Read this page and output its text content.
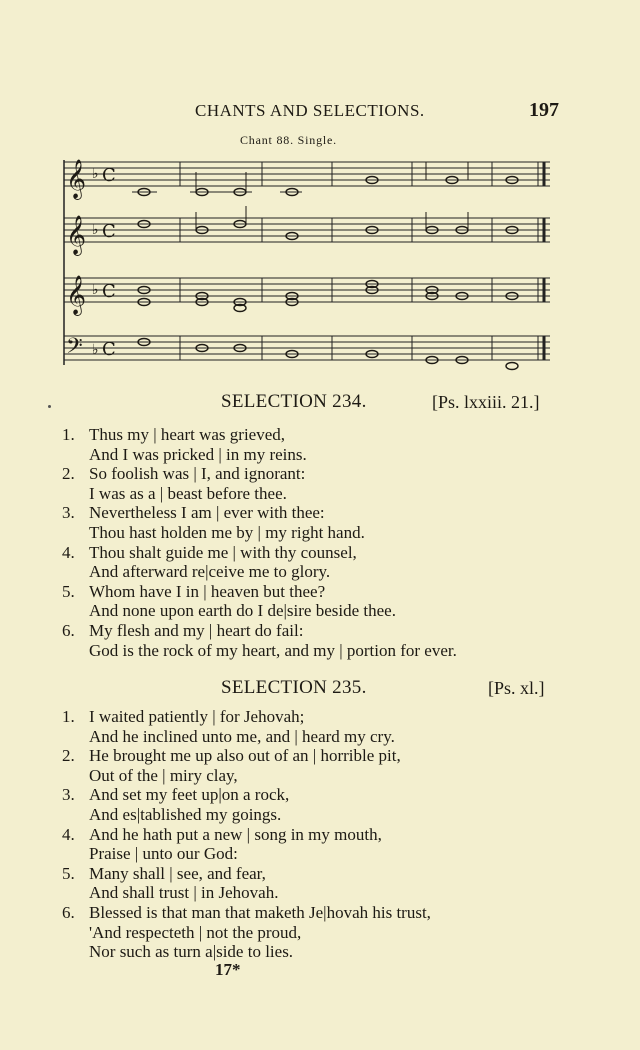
CHANTS AND SELECTIONS.	197
Chant 88. Single.
𝄞
𝄞
𝄞
𝄢
♭
♭
♭
♭
C
C
C
C
SELECTION 234.	[Ps. lxxiii. 21.]
1. Thus my | heart was grieved,
And I was pricked | in my reins.
2. So foolish was | I, and ignorant:
I was as a | beast before thee.
3. Nevertheless I am | ever with thee:
Thou hast holden me by | my right hand.
4. Thou shalt guide me | with thy counsel,
And afterward re|ceive me to glory.
5. Whom have I in | heaven but thee?
And none upon earth do I de|sire beside thee.
6. My flesh and my | heart do fail:
God is the rock of my heart, and my | portion for ever.
SELECTION 235.	[Ps. xl.]
1. I waited patiently | for Jehovah;
And he inclined unto me, and | heard my cry.
2. He brought me up also out of an | horrible pit,
Out of the | miry clay,
3. And set my feet up|on a rock,
And es|tablished my goings.
4. And he hath put a new | song in my mouth,
Praise | unto our God:
5. Many shall | see, and fear,
And shall trust | in Jehovah.
6. Blessed is that man that maketh Je|hovah his trust,
'And respecteth | not the proud,
Nor such as turn a|side to lies.
17*
